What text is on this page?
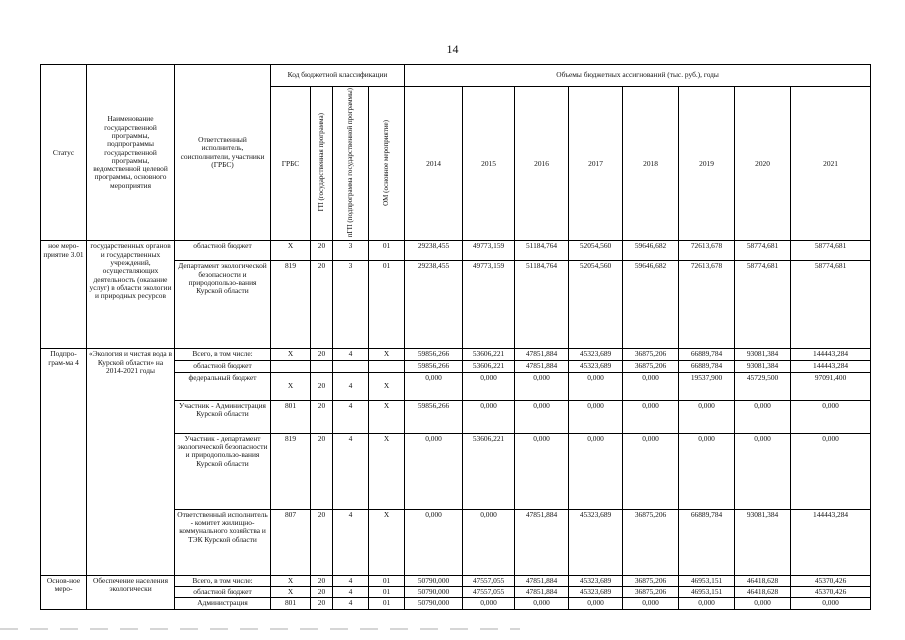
14
Статус	Наименование государственной программы, подпрограммы государственной программы, ведомственной целевой программы, основного мероприятия	Ответственный исполнитель, соисполнители, участники (ГРБС)	Код бюджетной классификации				Объемы бюджетных ассигнований (тыс. руб.), годы							
			ГРБС	ГП (государственная программа)	пГП (подпрограмма государственной программы)	ОМ (основное мероприятие)	2014	2015	2016	2017	2018	2019	2020	2021
ное меро-приятие 3.01	государственных органов и государственных учреждений, осуществляющих деятельность (оказание услуг) в области экологии и природных ресурсов	областной бюджет	X	20	3	01	29238,455	49773,159	51184,764	52054,560	59646,682	72613,678	58774,681	58774,681
		Департамент экологической безопасности и природопользо-вания Курской области	819	20	3	01	29238,455	49773,159	51184,764	52054,560	59646,682	72613,678	58774,681	58774,681
Подпро-грам-ма 4	«Экология и чистая вода в Курской области» на 2014-2021 годы	Всего, в том числе:	X	20	4	X	59856,266	53606,221	47851,884	45323,689	36875,206	66889,784	93081,384	144443,284
		областной бюджет					59856,266	53606,221	47851,884	45323,689	36875,206	66889,784	93081,384	144443,284
		федеральный бюджет	X	20	4	X	0,000	0,000	0,000	0,000	0,000	19537,900	45729,500	97091,400
		Участник - Администрация Курской области	801	20	4	X	59856,266	0,000	0,000	0,000	0,000	0,000	0,000	0,000
		Участник - департамент экологической безопасности и природопользо-вания Курской области	819	20	4	X	0,000	53606,221	0,000	0,000	0,000	0,000	0,000	0,000
		Ответственный исполнитель - комитет жилищно-коммунального хозяйства и ТЭК Курской области	807	20	4	X	0,000	0,000	47851,884	45323,689	36875,206	66889,784	93081,384	144443,284
Основ-ное меро-	Обеспечение населения экологически	Всего, в том числе:	X	20	4	01	50790,000	47557,055	47851,884	45323,689	36875,206	46953,151	46418,628	45370,426
		областной бюджет	X	20	4	01	50790,000	47557,055	47851,884	45323,689	36875,206	46953,151	46418,628	45370,426
		Администрация	801	20	4	01	50790,000	0,000	0,000	0,000	0,000	0,000	0,000	0,000
